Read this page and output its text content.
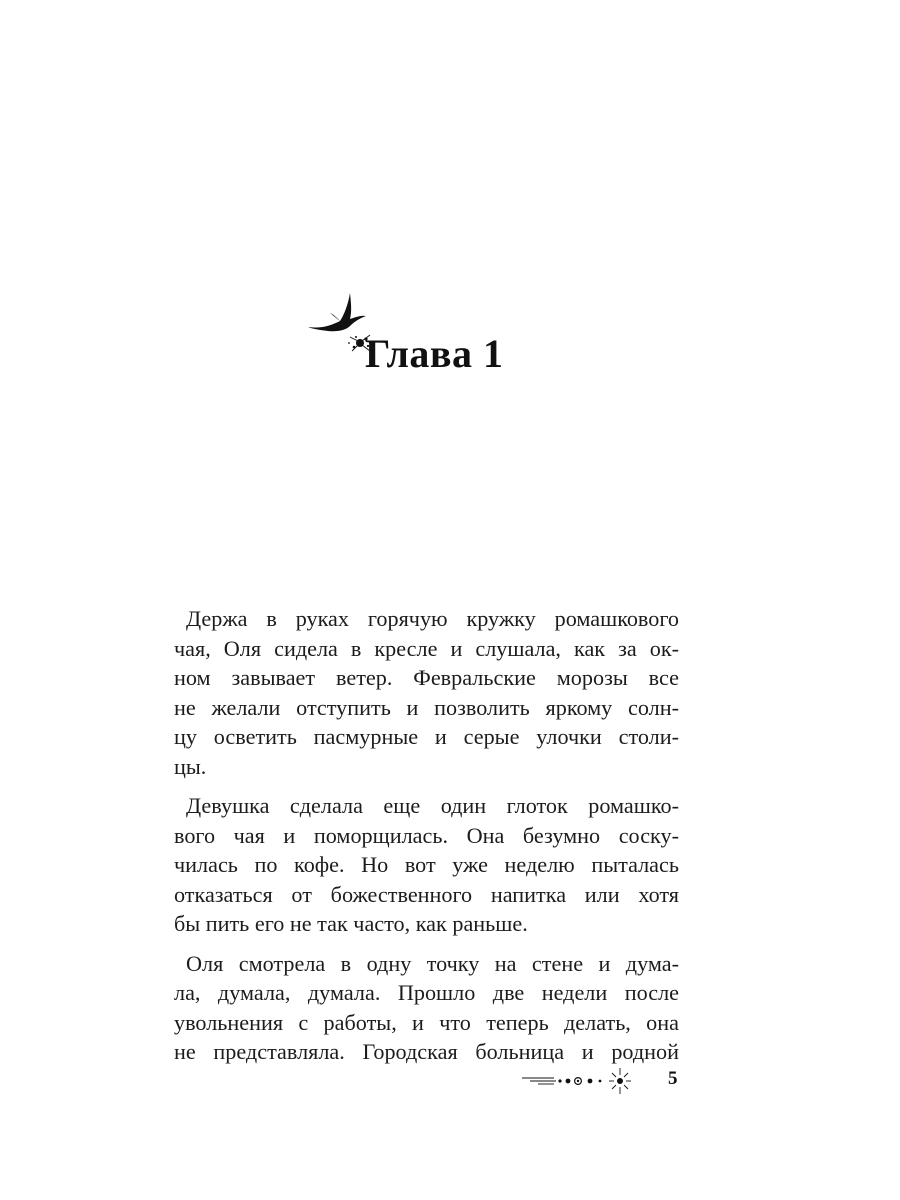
Глава 1
Держа в руках горячую кружку ромашкового
чая, Оля сидела в кресле и слушала, как за ок-
ном завывает ветер. Февральские морозы все
не желали отступить и позволить яркому солн-
цу осветить пасмурные и серые улочки столи-
цы.
Девушка сделала еще один глоток ромашко-
вого чая и поморщилась. Она безумно соску-
чилась по кофе. Но вот уже неделю пыталась
отказаться от божественного напитка или хотя
бы пить его не так часто, как раньше.
Оля смотрела в одну точку на стене и дума-
ла, думала, думала. Прошло две недели после
увольнения с работы, и что теперь делать, она
не представляла. Городская больница и родной
5
